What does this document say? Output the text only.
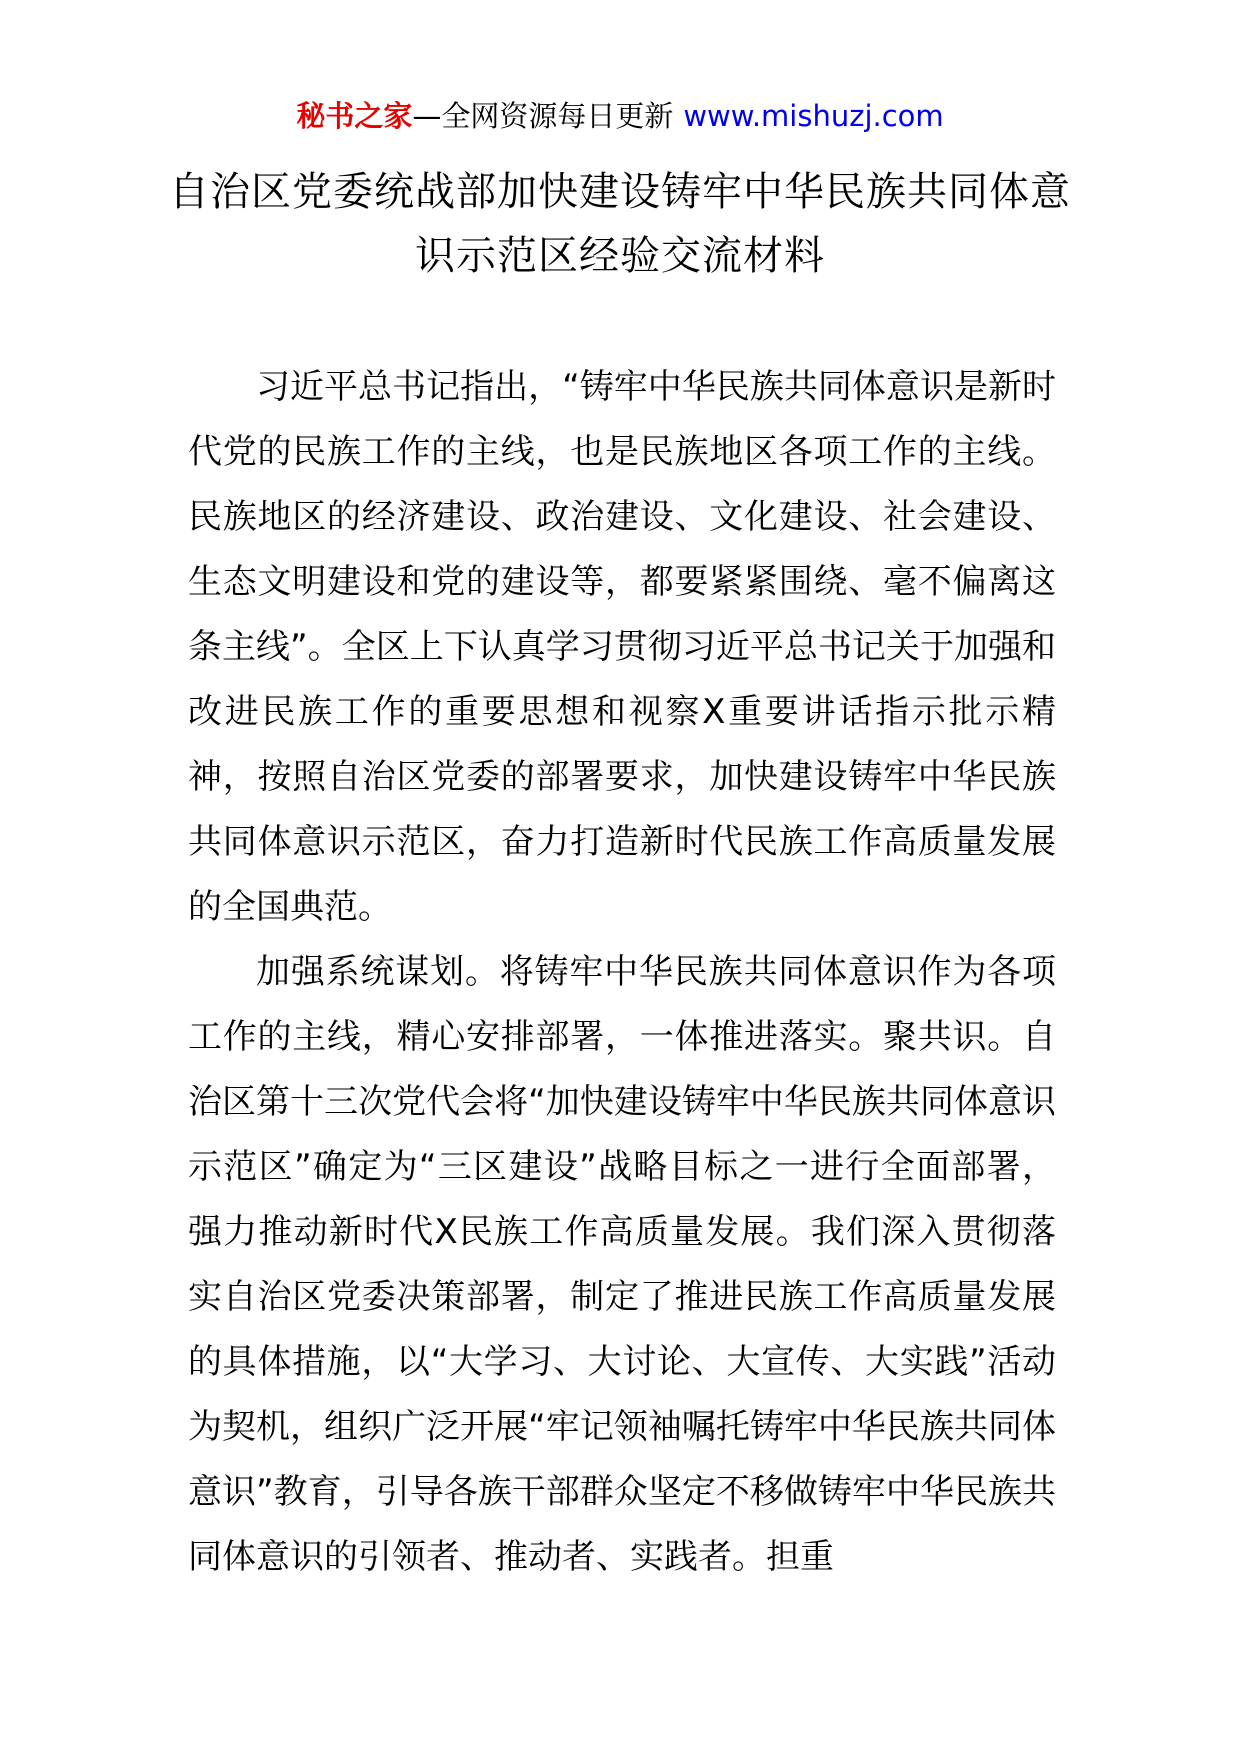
秘书之家—全网资源每日更新 www.mishuzj.com
自治区党委统战部加快建设铸牢中华民族共同体意识示范区经验交流材料

习近平总书记指出，“铸牢中华民族共同体意识是新时代党的民族工作的主线，也是民族地区各项工作的主线。民族地区的经济建设、政治建设、文化建设、社会建设、生态文明建设和党的建设等，都要紧紧围绕、毫不偏离这条主线”。全区上下认真学习贯彻习近平总书记关于加强和改进民族工作的重要思想和视察X重要讲话指示批示精神，按照自治区党委的部署要求，加快建设铸牢中华民族共同体意识示范区，奋力打造新时代民族工作高质量发展的全国典范。

加强系统谋划。将铸牢中华民族共同体意识作为各项工作的主线，精心安排部署，一体推进落实。聚共识。自治区第十三次党代会将“加快建设铸牢中华民族共同体意识示范区”确定为“三区建设”战略目标之一进行全面部署，强力推动新时代X民族工作高质量发展。我们深入贯彻落实自治区党委决策部署，制定了推进民族工作高质量发展的具体措施，以“大学习、大讨论、大宣传、大实践”活动为契机，组织广泛开展“牢记领袖嘱托铸牢中华民族共同体意识”教育，引导各族干部群众坚定不移做铸牢中华民族共同体意识的引领者、推动者、实践者。担重
